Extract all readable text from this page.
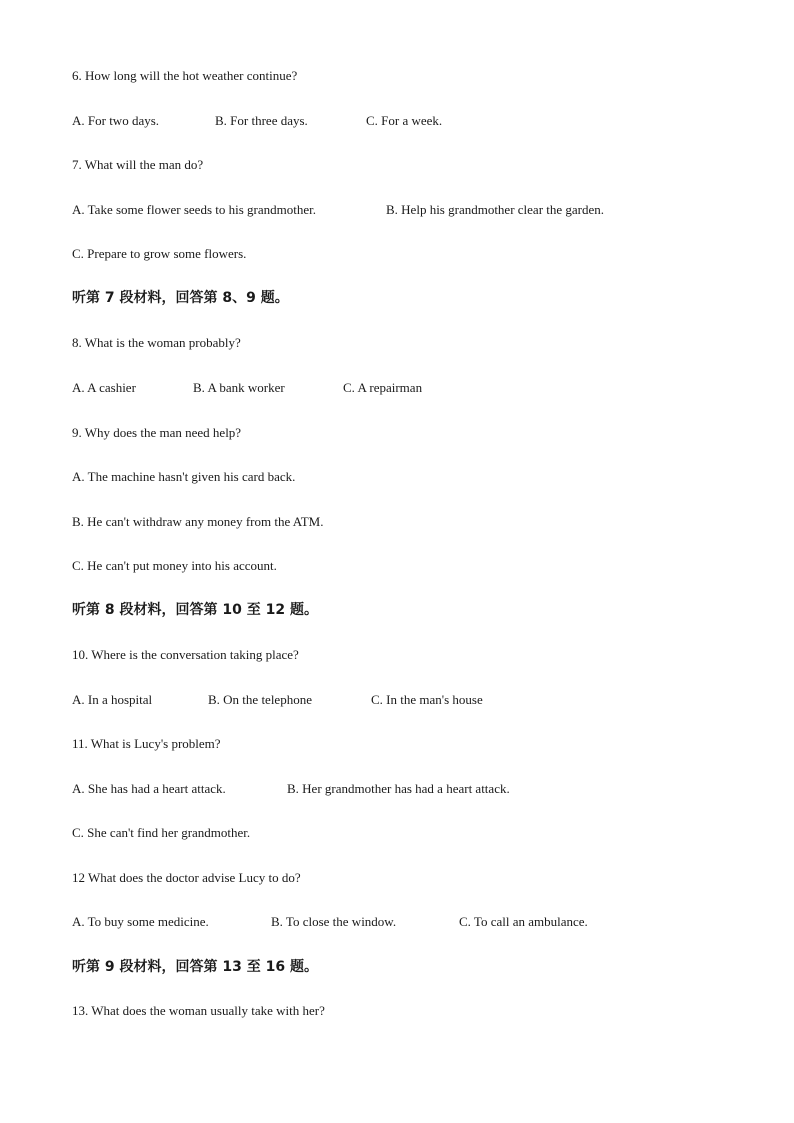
6. How long will the hot weather continue?
A. For two days.	B. For three days.	C. For a week.
7. What will the man do?
A. Take some flower seeds to his grandmother.	B. Help his grandmother clear the garden.
C. Prepare to grow some flowers.
听第 7 段材料，回答第 8、9 题。
8. What is the woman probably?
A. A cashier	B. A bank worker	C. A repairman
9. Why does the man need help?
A. The machine hasn't given his card back.
B. He can't withdraw any money from the ATM.
C. He can't put money into his account.
听第 8 段材料，回答第 10 至 12 题。
10. Where is the conversation taking place?
A. In a hospital	B. On the telephone	C. In the man's house
11. What is Lucy's problem?
A. She has had a heart attack.	B. Her grandmother has had a heart attack.
C. She can't find her grandmother.
12 What does the doctor advise Lucy to do?
A. To buy some medicine.	B. To close the window.	C. To call an ambulance.
听第 9 段材料，回答第 13 至 16 题。
13. What does the woman usually take with her?
